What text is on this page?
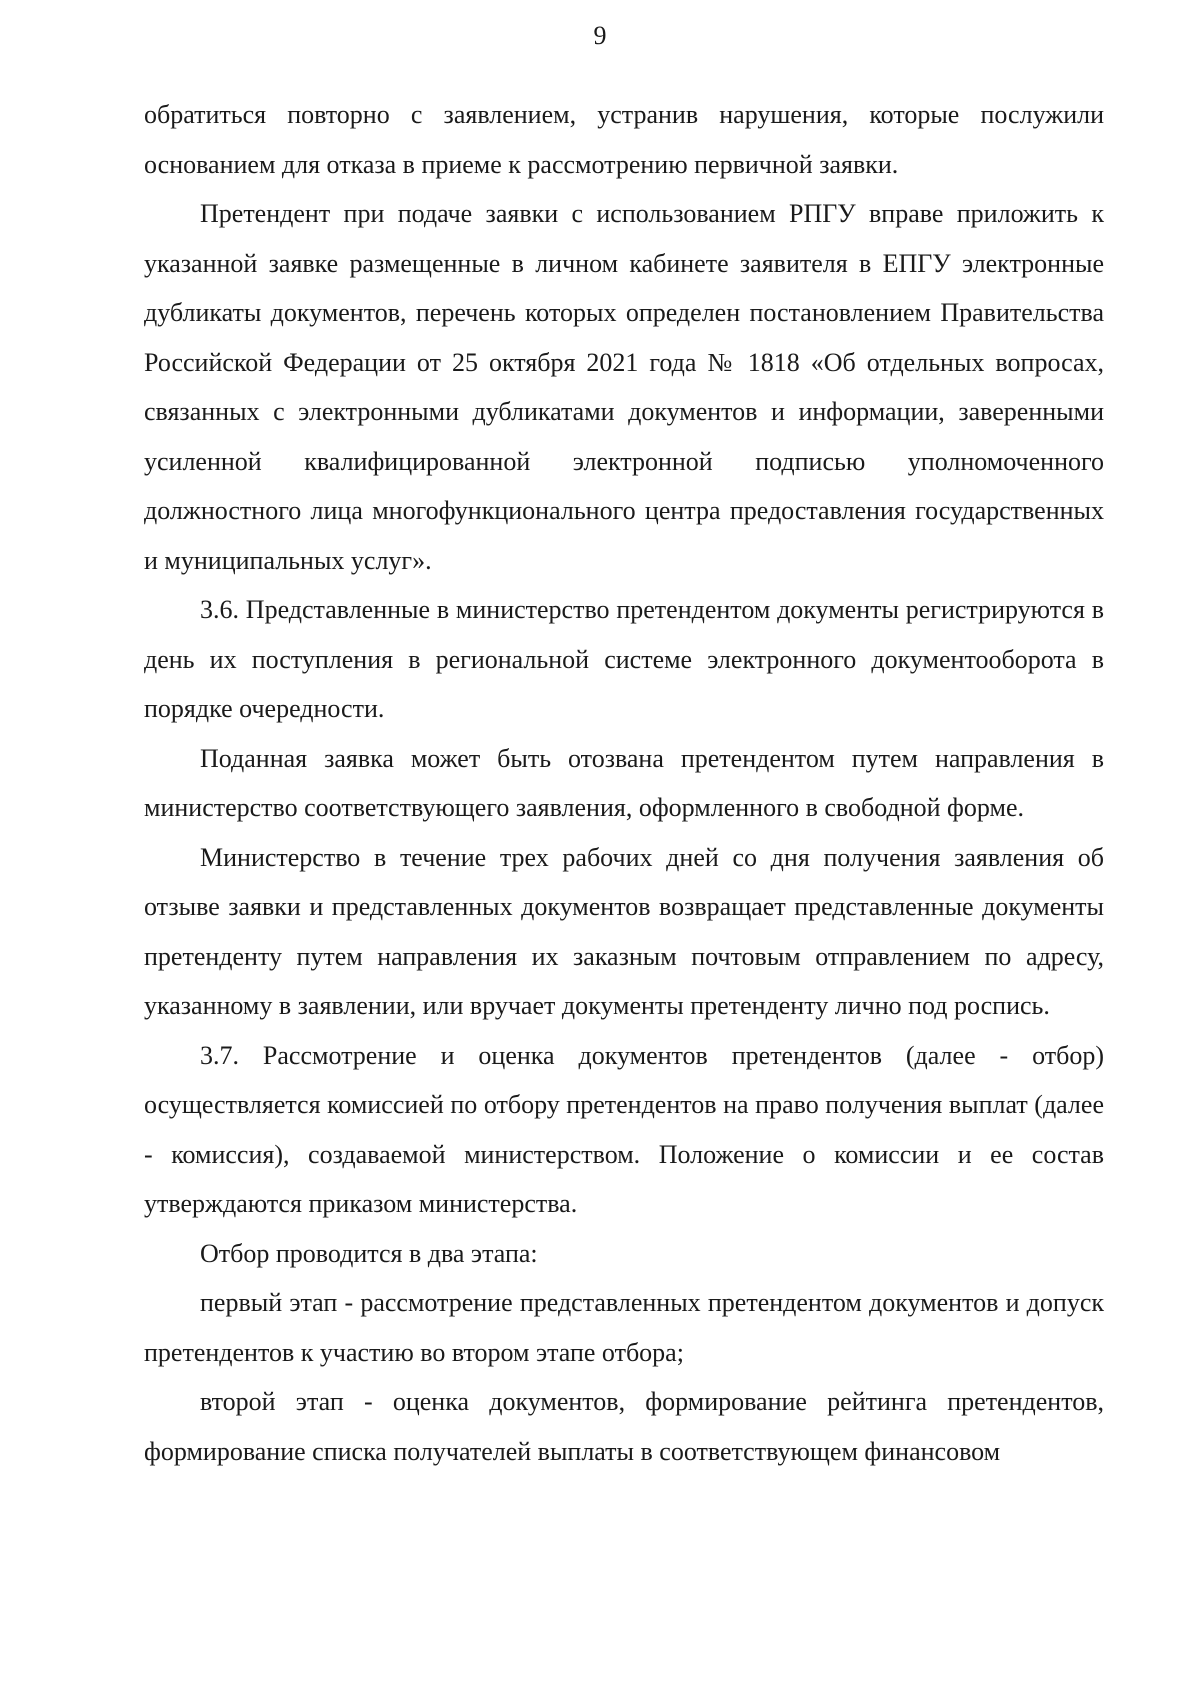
9

обратиться повторно с заявлением, устранив нарушения, которые послужили основанием для отказа в приеме к рассмотрению первичной заявки.

Претендент при подаче заявки с использованием РПГУ вправе приложить к указанной заявке размещенные в личном кабинете заявителя в ЕПГУ электронные дубликаты документов, перечень которых определен постановлением Правительства Российской Федерации от 25 октября 2021 года № 1818 «Об отдельных вопросах, связанных с электронными дубликатами документов и информации, заверенными усиленной квалифицированной электронной подписью уполномоченного должностного лица многофункционального центра предоставления государственных и муниципальных услуг».

3.6. Представленные в министерство претендентом документы регистрируются в день их поступления в региональной системе электронного документооборота в порядке очередности.

Поданная заявка может быть отозвана претендентом путем направления в министерство соответствующего заявления, оформленного в свободной форме.

Министерство в течение трех рабочих дней со дня получения заявления об отзыве заявки и представленных документов возвращает представленные документы претенденту путем направления их заказным почтовым отправлением по адресу, указанному в заявлении, или вручает документы претенденту лично под роспись.

3.7. Рассмотрение и оценка документов претендентов (далее - отбор) осуществляется комиссией по отбору претендентов на право получения выплат (далее - комиссия), создаваемой министерством. Положение о комиссии и ее состав утверждаются приказом министерства.

Отбор проводится в два этапа:

первый этап - рассмотрение представленных претендентом документов и допуск претендентов к участию во втором этапе отбора;

второй этап - оценка документов, формирование рейтинга претендентов, формирование списка получателей выплаты в соответствующем финансовом
